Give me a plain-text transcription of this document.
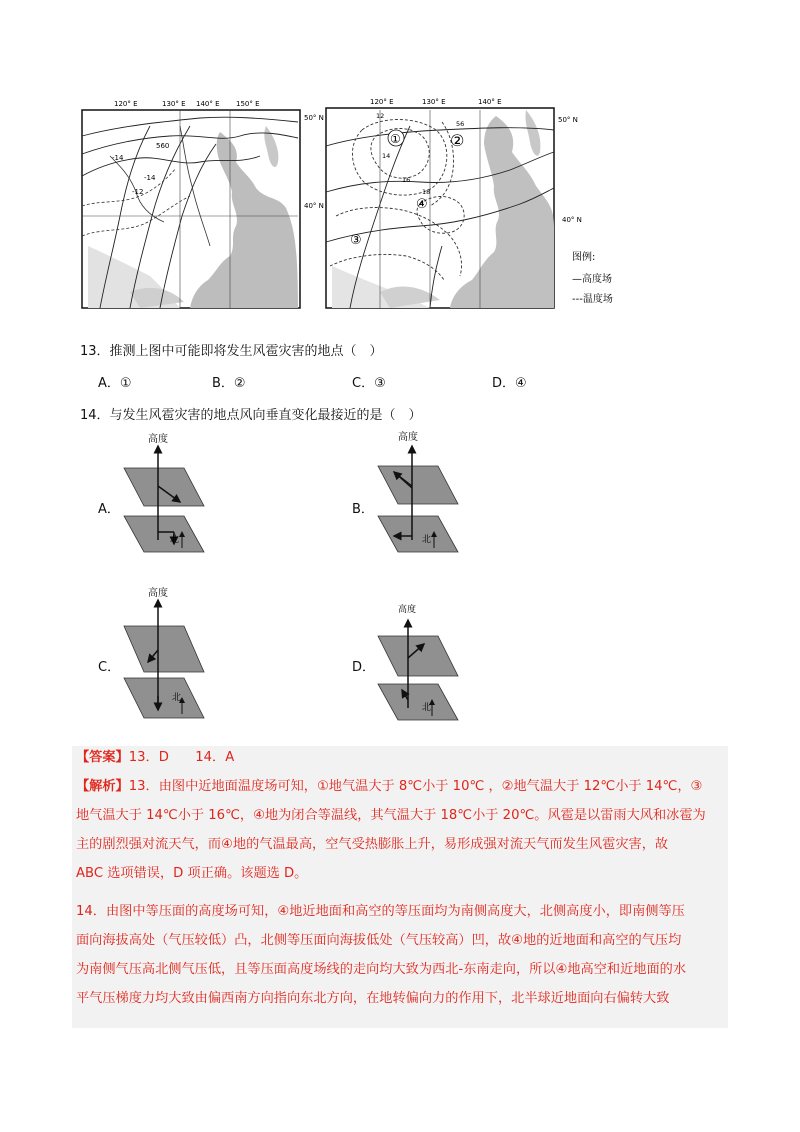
120° E	130° E 140° E 150° E
50° N
40° N
560
-14
-12
-14
①	②
③
④
12
56
14
16
18
120° E	130° E	140° E
50° N
40° N
图例:
—高度场
---温度场
13．推测上图中可能即将发生风雹灾害的地点（　）
A．①	B．②	C．③	D．④
14．与发生风雹灾害的地点风向垂直变化最接近的是（　）
A．
高度
北
B．
高度
北
C．
高度
北
D．
高度
北
【答案】13．D　　14．A
【解析】13．由图中近地面温度场可知，①地气温大于 8℃小于 10℃ ，②地气温大于 12℃小于 14℃，③
地气温大于 14℃小于 16℃，④地为闭合等温线，其气温大于 18℃小于 20℃。风雹是以雷雨大风和冰雹为
主的剧烈强对流天气，而④地的气温最高，空气受热膨胀上升，易形成强对流天气而发生风雹灾害，故
ABC 选项错误，D 项正确。该题选 D。
14．由图中等压面的高度场可知，④地近地面和高空的等压面均为南侧高度大，北侧高度小，即南侧等压
面向海拔高处（气压较低）凸，北侧等压面向海拔低处（气压较高）凹，故④地的近地面和高空的气压均
为南侧气压高北侧气压低，且等压面高度场线的走向均大致为西北-东南走向，所以④地高空和近地面的水
平气压梯度力均大致由偏西南方向指向东北方向，在地转偏向力的作用下，北半球近地面向右偏转大致
